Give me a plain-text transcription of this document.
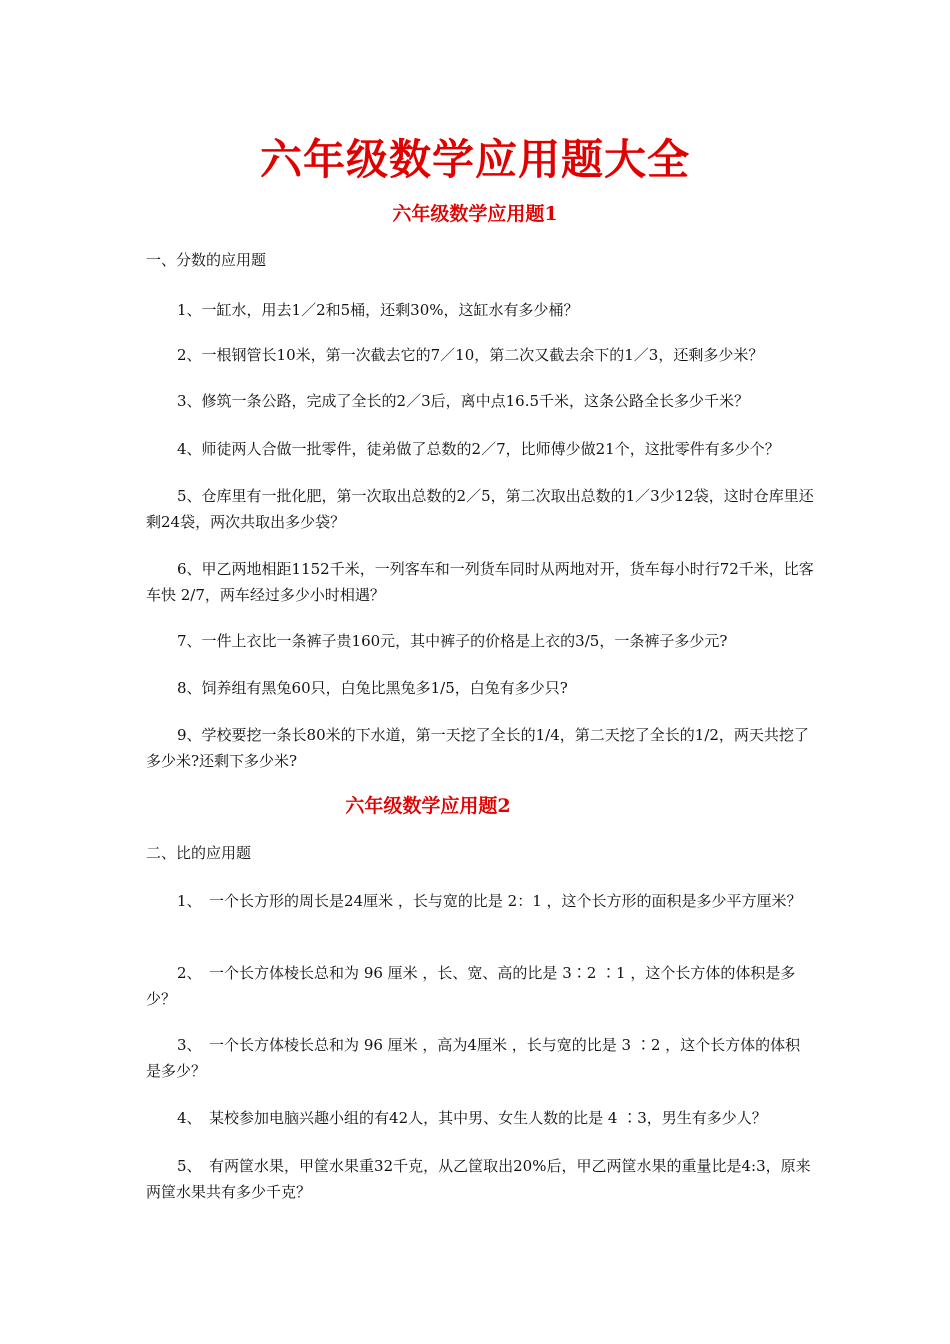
六年级数学应用题大全
六年级数学应用题1

一、分数的应用题

1、一缸水，用去1／2和5桶，还剩30%，这缸水有多少桶？

2、一根钢管长10米，第一次截去它的7／10，第二次又截去余下的1／3，还剩多少米？

3、修筑一条公路，完成了全长的2／3后，离中点16.5千米，这条公路全长多少千米？

4、师徒两人合做一批零件，徒弟做了总数的2／7，比师傅少做21个，这批零件有多少个？

5、仓库里有一批化肥，第一次取出总数的2／5，第二次取出总数的1／3少12袋，这时仓库里还剩24袋，两次共取出多少袋？

6、甲乙两地相距1152千米，一列客车和一列货车同时从两地对开，货车每小时行72千米，比客车快 2/7，两车经过多少小时相遇？

7、一件上衣比一条裤子贵160元，其中裤子的价格是上衣的3/5，一条裤子多少元?

8、饲养组有黑兔60只，白兔比黑兔多1/5，白兔有多少只?

9、学校要挖一条长80米的下水道，第一天挖了全长的1/4，第二天挖了全长的1/2，两天共挖了多少米?还剩下多少米?

六年级数学应用题2

二、比的应用题

1、　一个长方形的周长是24厘米 ，长与宽的比是 2：1 ，这个长方形的面积是多少平方厘米？

2、　一个长方体棱长总和为 96 厘米 ，长、宽、高的比是 3∶2 ∶1 ，这个长方体的体积是多少？

3、　一个长方体棱长总和为 96 厘米 ，高为4厘米 ，长与宽的比是 3 ∶2 ，这个长方体的体积是多少？

4、　某校参加电脑兴趣小组的有42人，其中男、女生人数的比是 4 ∶3，男生有多少人？

5、　有两筐水果，甲筐水果重32千克，从乙筐取出20%后，甲乙两筐水果的重量比是4:3，原来两筐水果共有多少千克？
